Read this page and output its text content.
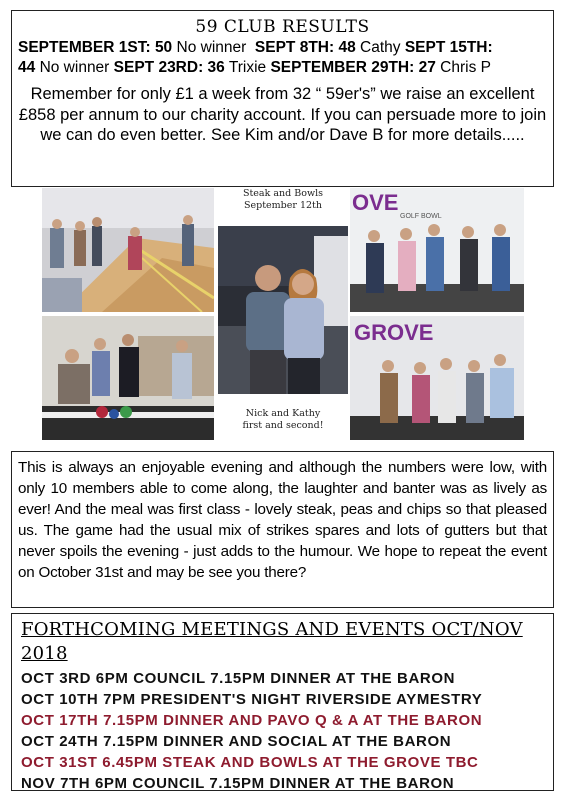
59 CLUB RESULTS
SEPTEMBER 1ST: 50 No winner SEPT 8TH: 48 Cathy SEPT 15TH:
44 No winner SEPT 23RD: 36 Trixie SEPTEMBER 29TH: 27 Chris P
Remember for only £1 a week from 32 “ 59er's” we raise an excellent £858 per annum to our charity account. If you can persuade more to join we can do even better. See Kim and/or Dave B for more details.....
Steak and Bowls
September 12th
Nick and Kathy
first and second!
OVE
GOLF BOWL
GROVE

This is always an enjoyable evening and although the numbers were low, with only 10 members able to come along, the laughter and banter was as lively as ever! And the meal was first class - lovely steak, peas and chips so that pleased us. The game had the usual mix of strikes spares and lots of gutters but that never spoils the evening - just adds to the humour. We hope to repeat the event on October 31st and may be see you there?

FORTHCOMING MEETINGS AND EVENTS OCT/NOV 2018
OCT 3RD 6PM COUNCIL 7.15PM DINNER AT THE BARON
OCT 10TH 7PM PRESIDENT'S NIGHT RIVERSIDE AYMESTRY
OCT 17TH 7.15PM DINNER AND PAVO Q & A AT THE BARON
OCT 24TH 7.15PM DINNER AND SOCIAL AT THE BARON
OCT 31ST 6.45PM STEAK AND BOWLS AT THE GROVE TBC
NOV 7TH 6PM COUNCIL 7.15PM DINNER AT THE BARON
